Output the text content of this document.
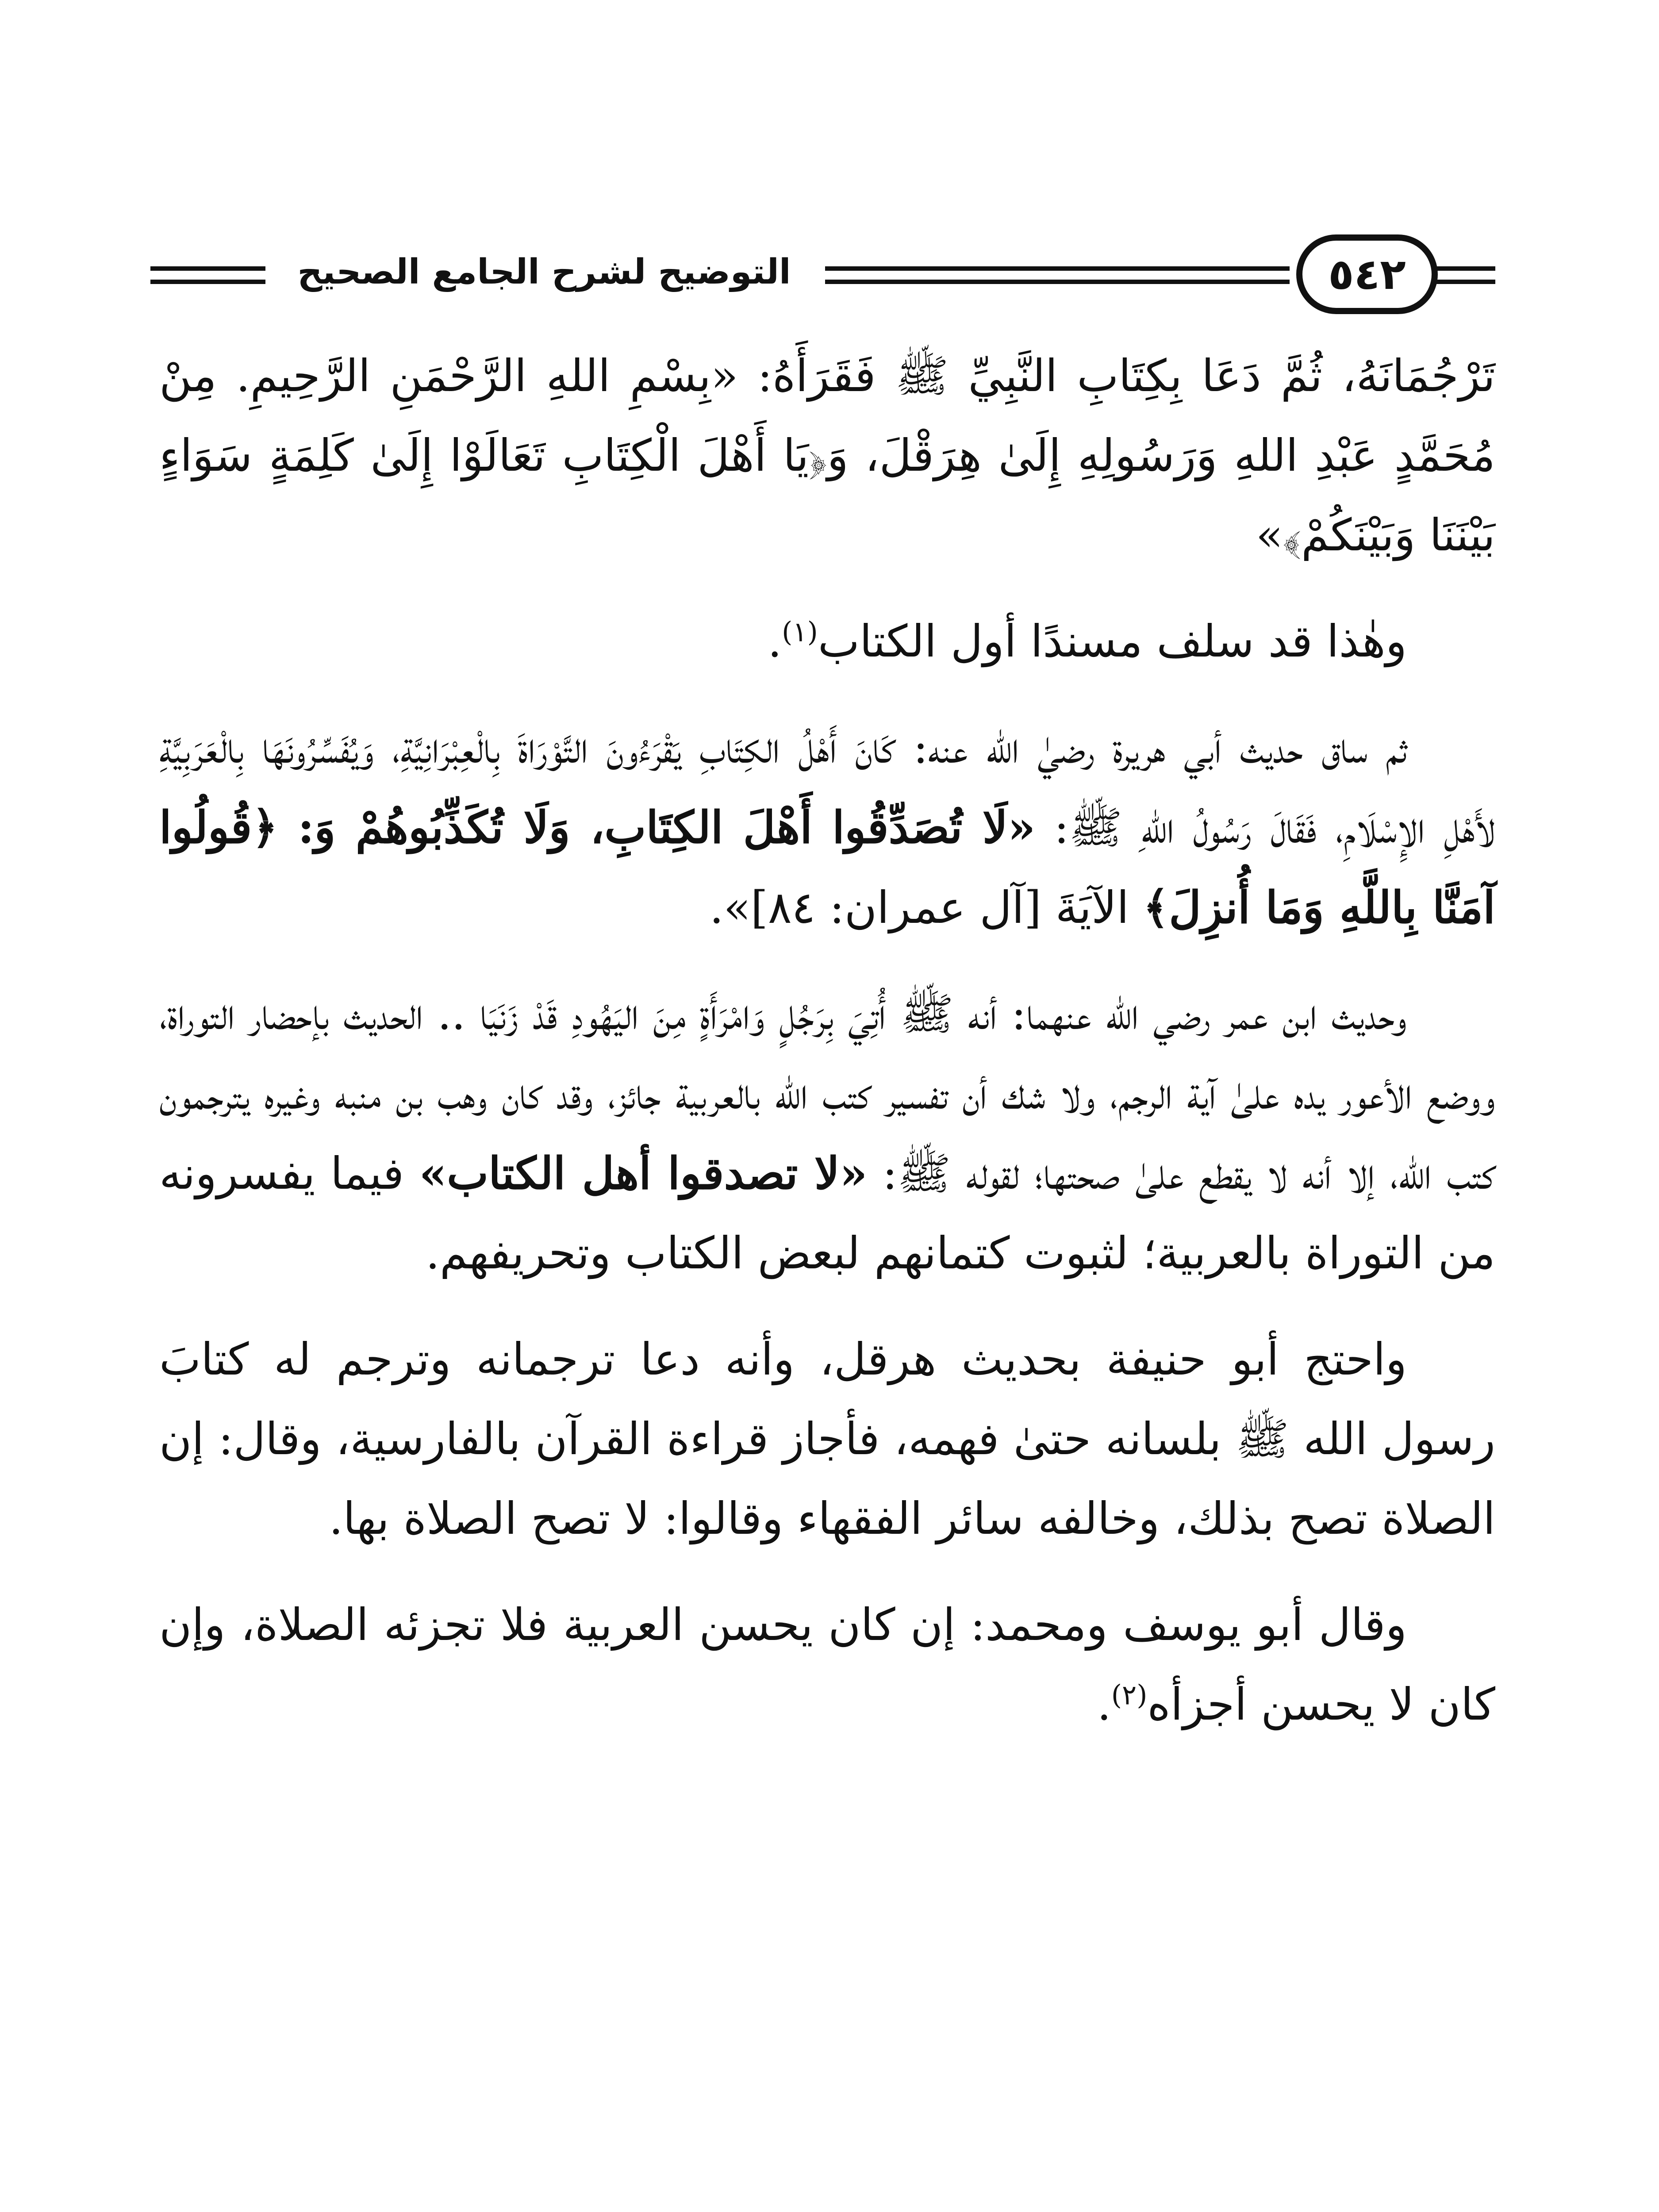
التوضيح لشرح الجامع الصحيح	٥٤٢

تَرْجُمَانَهُ، ثُمَّ دَعَا بِكِتَابِ النَّبِيِّ ﷺ فَقَرَأَهُ: «بِسْمِ اللهِ الرَّحْمَنِ الرَّحِيمِ. مِنْ مُحَمَّدٍ عَبْدِ اللهِ وَرَسُولِهِ إِلَىٰ هِرَقْلَ، وَ﴿يَا أَهْلَ الْكِتَابِ تَعَالَوْا إِلَىٰ كَلِمَةٍ سَوَاءٍ بَيْنَنَا وَبَيْنَكُمْ﴾»

وهٰذا قد سلف مسندًا أول الكتاب$^{(١)}$.

ثم ساق حديث أبي هريرة رضيٰ الله عنه: كَانَ أَهْلُ الكِتَابِ يَقْرَءُونَ التَّوْرَاةَ بِالْعِبْرَانِيَّةِ، وَيُفَسِّرُونَهَا بِالْعَرَبِيَّةِ لأَهْلِ الإِسْلَامِ، فَقَالَ رَسُولُ اللهِ ﷺ: «لَا تُصَدِّقُوا أَهْلَ الكِتَابِ، وَلَا تُكَذِّبُوهُمْ وَ: ﴿قُولُوا آمَنَّا بِاللَّهِ وَمَا أُنزِلَ﴾ الآيَةَ [آل عمران: ٨٤]».

وحديث ابن عمر رضي الله عنهما: أنه ﷺ أُتِيَ بِرَجُلٍ وَامْرَأَةٍ مِنَ اليَهُودِ قَدْ زَنَيَا .. الحديث بإحضار التوراة، ووضع الأعور يده علىٰ آية الرجم، ولا شك أن تفسير كتب الله بالعربية جائز، وقد كان وهب بن منبه وغيره يترجمون كتب الله، إلا أنه لا يقطع علىٰ صحتها؛ لقوله ﷺ: «لا تصدقوا أهل الكتاب» فيما يفسرونه من التوراة بالعربية؛ لثبوت كتمانهم لبعض الكتاب وتحريفهم.

واحتج أبو حنيفة بحديث هرقل، وأنه دعا ترجمانه وترجم له كتابَ رسول الله ﷺ بلسانه حتىٰ فهمه، فأجاز قراءة القرآن بالفارسية، وقال: إن الصلاة تصح بذلك، وخالفه سائر الفقهاء وقالوا: لا تصح الصلاة بها.

وقال أبو يوسف ومحمد: إن كان يحسن العربية فلا تجزئه الصلاة، وإن كان لا يحسن أجزأه$^{(٢)}$.
